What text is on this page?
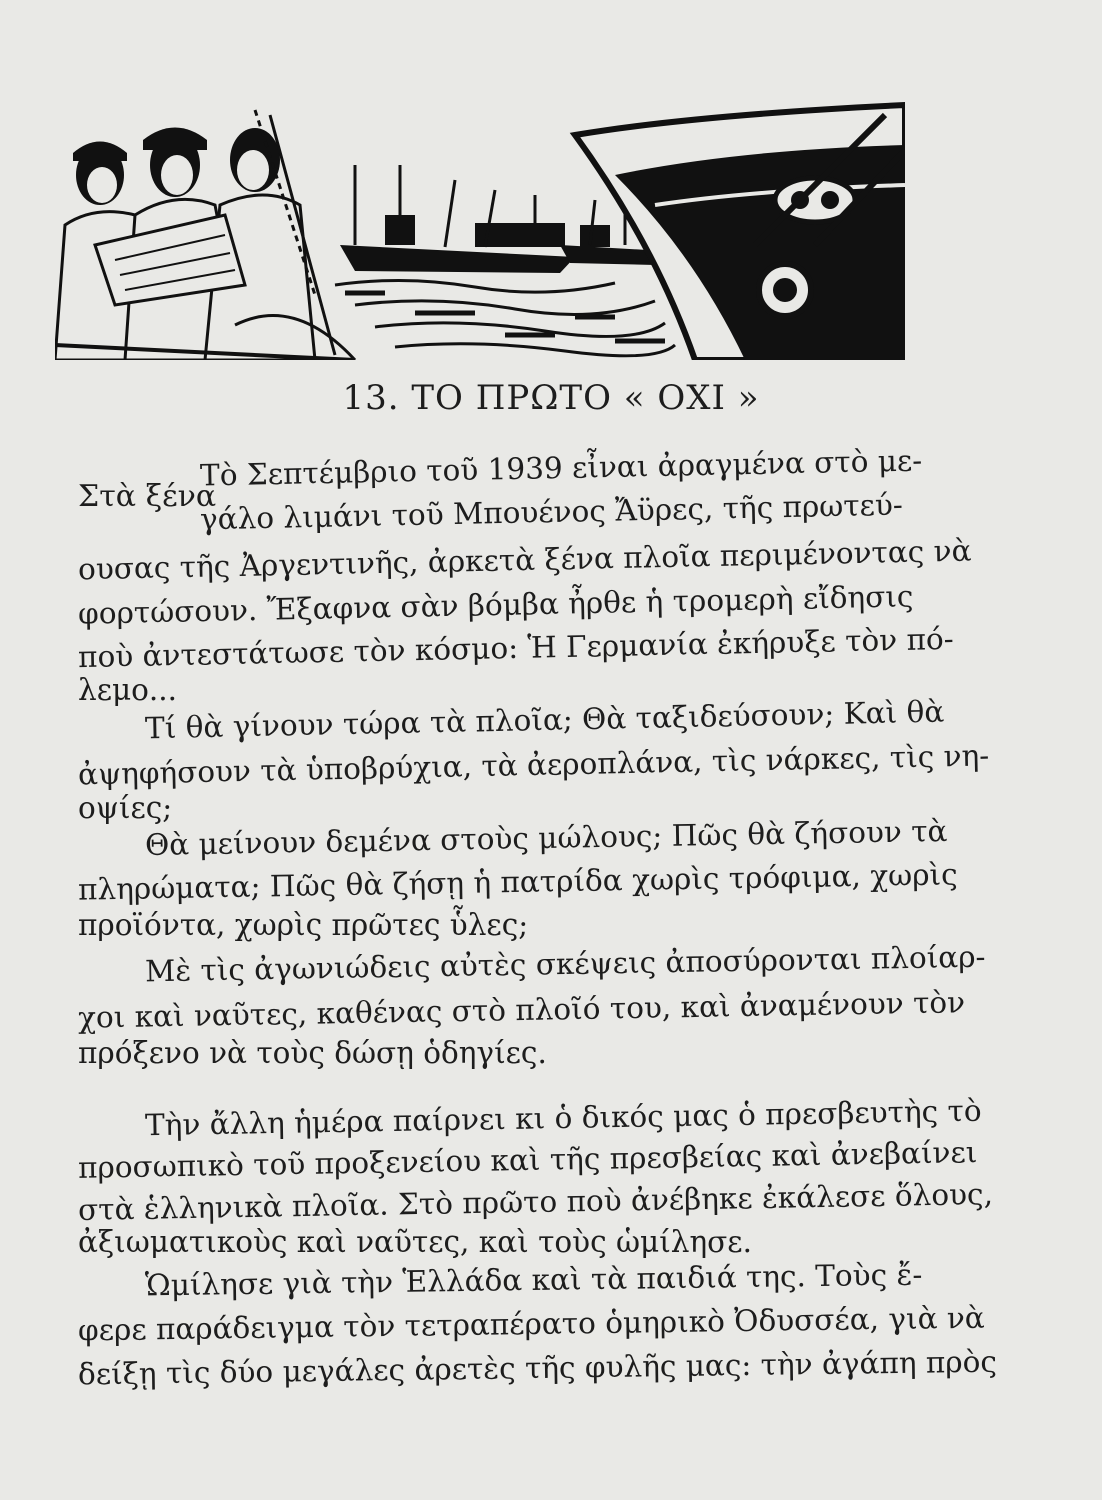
13. ΤΟ ΠΡΩΤΟ « ΟΧΙ »
Στὰ ξένα
Τὸ Σεπτέμβριο τοῦ 1939 εἶναι ἀραγμένα στὸ με-
γάλο λιμάνι τοῦ Μπουένος Ἄϋρες, τῆς πρωτεύ-
ουσας τῆς Ἀργεντινῆς, ἀρκετὰ ξένα πλοῖα περιμένοντας νὰ
φορτώσουν. Ἔξαφνα σὰν βόμβα ἦρθε ἡ τρομερὴ εἴδησις
ποὺ ἀντεστάτωσε τὸν κόσμο: Ἡ Γερμανία ἐκήρυξε τὸν πό-
λεμο...
Τί θὰ γίνουν τώρα τὰ πλοῖα; Θὰ ταξιδεύσουν; Καὶ θὰ
ἀψηφήσουν τὰ ὑποβρύχια, τὰ ἀεροπλάνα, τὶς νάρκες, τὶς νη-
οψίες;
Θὰ μείνουν δεμένα στοὺς μώλους; Πῶς θὰ ζήσουν τὰ
πληρώματα; Πῶς θὰ ζήσῃ ἡ πατρίδα χωρὶς τρόφιμα, χωρὶς
προϊόντα, χωρὶς πρῶτες ὗλες;
Μὲ τὶς ἀγωνιώδεις αὐτὲς σκέψεις ἀποσύρονται πλοίαρ-
χοι καὶ ναῦτες, καθένας στὸ πλοῖό του, καὶ ἀναμένουν τὸν
πρόξενο νὰ τοὺς δώσῃ ὁδηγίες.
Τὴν ἄλλη ἡμέρα παίρνει κι ὁ δικός μας ὁ πρεσβευτὴς τὸ
προσωπικὸ τοῦ προξενείου καὶ τῆς πρεσβείας καὶ ἀνεβαίνει
στὰ ἑλληνικὰ πλοῖα. Στὸ πρῶτο ποὺ ἀνέβηκε ἐκάλεσε ὅλους,
ἀξιωματικοὺς καὶ ναῦτες, καὶ τοὺς ὡμίλησε.
Ὡμίλησε γιὰ τὴν Ἑλλάδα καὶ τὰ παιδιά της. Τοὺς ἔ-
φερε παράδειγμα τὸν τετραπέρατο ὁμηρικὸ Ὀδυσσέα, γιὰ νὰ
δείξῃ τὶς δύο μεγάλες ἀρετὲς τῆς φυλῆς μας: τὴν ἀγάπη πρὸς
